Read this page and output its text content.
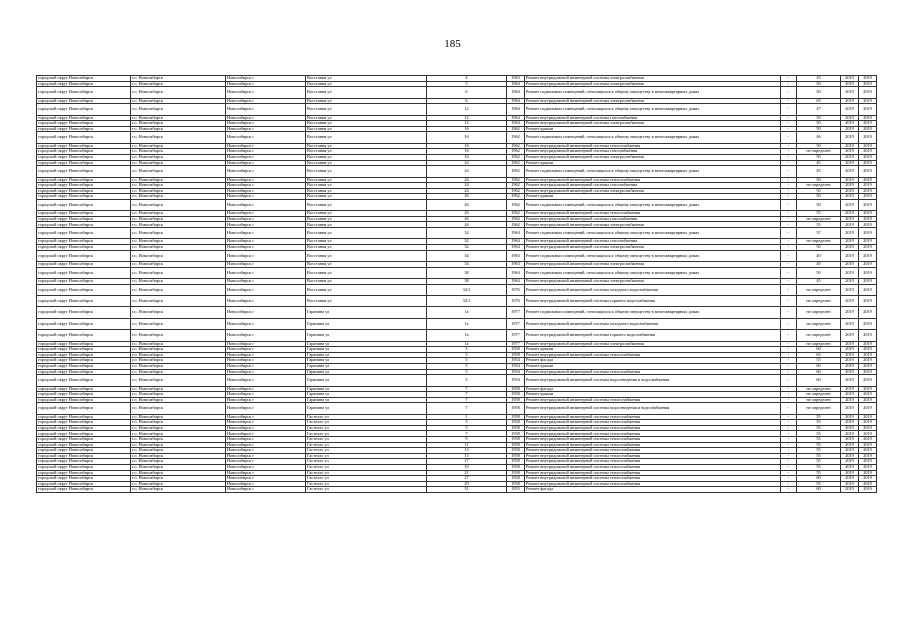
185
городской округ Новосибирск	г.о. Новосибирск	Новосибирск г	Восстания ул	4	1963	Ремонт внутридомовой инженерной системы электроснабжения	-	45	2019	2019
городской округ Новосибирск	г.о. Новосибирск	Новосибирск г	Восстания ул	5	1964	Ремонт внутридомовой инженерной системы электроснабжения	-	50	2019	2019
городской округ Новосибирск	г.о. Новосибирск	Новосибирск г	Восстания ул	6	1964	Ремонт подвальных помещений, относящихся к общему имуществу в многоквартирных домах	-	50	2019	2019
городской округ Новосибирск	г.о. Новосибирск	Новосибирск г	Восстания ул	6	1964	Ремонт внутридомовой инженерной системы электроснабжения	-	65	2019	2019
городской округ Новосибирск	г.о. Новосибирск	Новосибирск г	Восстания ул	12	1964	Ремонт подвальных помещений, относящихся к общему имуществу в многоквартирных домах	-	47	2019	2019
городской округ Новосибирск	г.о. Новосибирск	Новосибирск г	Восстания ул	12	1964	Ремонт внутридомовой инженерной системы газоснабжения	-	50	2019	2019
городской округ Новосибирск	г.о. Новосибирск	Новосибирск г	Восстания ул	12	1964	Ремонт внутридомовой инженерной системы электроснабжения	-	50	2019	2019
городской округ Новосибирск	г.о. Новосибирск	Новосибирск г	Восстания ул	16	1962	Ремонт крыши	-	50	2019	2019
городской округ Новосибирск	г.о. Новосибирск	Новосибирск г	Восстания ул	16	1962	Ремонт подвальных помещений, относящихся к общему имуществу в многоквартирных домах	-	46	2019	2019
городской округ Новосибирск	г.о. Новосибирск	Новосибирск г	Восстания ул	16	1962	Ремонт внутридомовой инженерной системы теплоснабжения	-	50	2019	2019
городской округ Новосибирск	г.о. Новосибирск	Новосибирск г	Восстания ул	16	1962	Ремонт внутридомовой инженерной системы газоснабжения	-	не определен	2019	2019
городской округ Новосибирск	г.о. Новосибирск	Новосибирск г	Восстания ул	16	1962	Ремонт внутридомовой инженерной системы электроснабжения	-	50	2019	2019
городской округ Новосибирск	г.о. Новосибирск	Новосибирск г	Восстания ул	24	1962	Ремонт крыши	-	45	2019	2019
городской округ Новосибирск	г.о. Новосибирск	Новосибирск г	Восстания ул	24	1962	Ремонт подвальных помещений, относящихся к общему имуществу в многоквартирных домах	-	45	2019	2019
городской округ Новосибирск	г.о. Новосибирск	Новосибирск г	Восстания ул	24	1962	Ремонт внутридомовой инженерной системы теплоснабжения	-	50	2019	2019
городской округ Новосибирск	г.о. Новосибирск	Новосибирск г	Восстания ул	24	1962	Ремонт внутридомовой инженерной системы газоснабжения	-	не определен	2019	2019
городской округ Новосибирск	г.о. Новосибирск	Новосибирск г	Восстания ул	24	1962	Ремонт внутридомовой инженерной системы электроснабжения	-	50	2019	2019
городской округ Новосибирск	г.о. Новосибирск	Новосибирск г	Восстания ул	26	1962	Ремонт крыши	-	50	2019	2019
городской округ Новосибирск	г.о. Новосибирск	Новосибирск г	Восстания ул	26	1962	Ремонт подвальных помещений, относящихся к общему имуществу в многоквартирных домах	-	50	2019	2019
городской округ Новосибирск	г.о. Новосибирск	Новосибирск г	Восстания ул	26	1962	Ремонт внутридомовой инженерной системы теплоснабжения	-	55	2019	2019
городской округ Новосибирск	г.о. Новосибирск	Новосибирск г	Восстания ул	26	1962	Ремонт внутридомовой инженерной системы газоснабжения	-	не определен	2019	2019
городской округ Новосибирск	г.о. Новосибирск	Новосибирск г	Восстания ул	26	1962	Ремонт внутридомовой инженерной системы электроснабжения	-	55	2019	2019
городской округ Новосибирск	г.о. Новосибирск	Новосибирск г	Восстания ул	32	1964	Ремонт подвальных помещений, относящихся к общему имуществу в многоквартирных домах	-	37	2019	2019
городской округ Новосибирск	г.о. Новосибирск	Новосибирск г	Восстания ул	32	1964	Ремонт внутридомовой инженерной системы газоснабжения	-	не определен	2019	2019
городской округ Новосибирск	г.о. Новосибирск	Новосибирск г	Восстания ул	32	1964	Ремонт внутридомовой инженерной системы электроснабжения	-	50	2019	2019
городской округ Новосибирск	г.о. Новосибирск	Новосибирск г	Восстания ул	34	1963	Ремонт подвальных помещений, относящихся к общему имуществу в многоквартирных домах	-	40	2019	2019
городской округ Новосибирск	г.о. Новосибирск	Новосибирск г	Восстания ул	34	1963	Ремонт внутридомовой инженерной системы электроснабжения	-	40	2019	2019
городской округ Новосибирск	г.о. Новосибирск	Новосибирск г	Восстания ул	38	1964	Ремонт подвальных помещений, относящихся к общему имуществу в многоквартирных домах	-	50	2019	2019
городской округ Новосибирск	г.о. Новосибирск	Новосибирск г	Восстания ул	38	1964	Ремонт внутридомовой инженерной системы электроснабжения	-	45	2019	2019
городской округ Новосибирск	г.о. Новосибирск	Новосибирск г	Восстания ул	32/1	1976	Ремонт внутридомовой инженерной системы холодного водоснабжения	-	не определен	2019	2019
городской округ Новосибирск	г.о. Новосибирск	Новосибирск г	Восстания ул	32/1	1976	Ремонт внутридомовой инженерной системы горячего водоснабжения	-	не определен	2019	2019
городской округ Новосибирск	г.о. Новосибирск	Новосибирск г	Гаранина ул	1а	1977	Ремонт подвальных помещений, относящихся к общему имуществу в многоквартирных домах	-	не определен	2019	2019
городской округ Новосибирск	г.о. Новосибирск	Новосибирск г	Гаранина ул	1а	1977	Ремонт внутридомовой инженерной системы холодного водоснабжения	-	не определен	2019	2019
городской округ Новосибирск	г.о. Новосибирск	Новосибирск г	Гаранина ул	1а	1977	Ремонт внутридомовой инженерной системы горячего водоснабжения	-	не определен	2019	2019
городской округ Новосибирск	г.о. Новосибирск	Новосибирск г	Гаранина ул	1а	1977	Ремонт внутридомовой инженерной системы электроснабжения	-	не определен	2019	2019
городской округ Новосибирск	г.о. Новосибирск	Новосибирск г	Гаранина ул	3	1958	Ремонт крыши	-	60	2019	2019
городской округ Новосибирск	г.о. Новосибирск	Новосибирск г	Гаранина ул	3	1958	Ремонт внутридомовой инженерной системы теплоснабжения	-	65	2019	2019
городской округ Новосибирск	г.о. Новосибирск	Новосибирск г	Гаранина ул	5	1954	Ремонт фасада	-	55	2019	2019
городской округ Новосибирск	г.о. Новосибирск	Новосибирск г	Гаранина ул	5	1954	Ремонт крыши	-	60	2019	2019
городской округ Новосибирск	г.о. Новосибирск	Новосибирск г	Гаранина ул	5	1954	Ремонт внутридомовой инженерной системы теплоснабжения	-	60	2019	2019
городской округ Новосибирск	г.о. Новосибирск	Новосибирск г	Гаранина ул	5	1954	Ремонт внутридомовой инженерной системы водоотведения и водоснабжения	-	60	2019	2019
городской округ Новосибирск	г.о. Новосибирск	Новосибирск г	Гаранина ул	7	1958	Ремонт фасада	-	не определен	2019	2019
городской округ Новосибирск	г.о. Новосибирск	Новосибирск г	Гаранина ул	7	1958	Ремонт крыши	-	не определен	2019	2019
городской округ Новосибирск	г.о. Новосибирск	Новосибирск г	Гаранина ул	7	1958	Ремонт внутридомовой инженерной системы теплоснабжения	-	не определен	2019	2019
городской округ Новосибирск	г.о. Новосибирск	Новосибирск г	Гаранина ул	7	1958	Ремонт внутридомовой инженерной системы водоотведения и водоснабжения	-	не определен	2019	2019
городской округ Новосибирск	г.о. Новосибирск	Новосибирск г	Гастелло ул	1	1958	Ремонт внутридомовой инженерной системы теплоснабжения	-	55	2019	2019
городской округ Новосибирск	г.о. Новосибирск	Новосибирск г	Гастелло ул	3	1958	Ремонт внутридомовой инженерной системы теплоснабжения	-	55	2019	2019
городской округ Новосибирск	г.о. Новосибирск	Новосибирск г	Гастелло ул	5	1958	Ремонт внутридомовой инженерной системы теплоснабжения	-	55	2019	2019
городской округ Новосибирск	г.о. Новосибирск	Новосибирск г	Гастелло ул	7	1958	Ремонт внутридомовой инженерной системы теплоснабжения	-	55	2019	2019
городской округ Новосибирск	г.о. Новосибирск	Новосибирск г	Гастелло ул	9	1958	Ремонт внутридомовой инженерной системы теплоснабжения	-	55	2019	2019
городской округ Новосибирск	г.о. Новосибирск	Новосибирск г	Гастелло ул	11	1958	Ремонт внутридомовой инженерной системы теплоснабжения	-	55	2019	2019
городской округ Новосибирск	г.о. Новосибирск	Новосибирск г	Гастелло ул	13	1958	Ремонт внутридомовой инженерной системы теплоснабжения	-	55	2019	2019
городской округ Новосибирск	г.о. Новосибирск	Новосибирск г	Гастелло ул	15	1958	Ремонт внутридомовой инженерной системы теплоснабжения	-	55	2019	2019
городской округ Новосибирск	г.о. Новосибирск	Новосибирск г	Гастелло ул	17	1958	Ремонт внутридомовой инженерной системы теплоснабжения	-	55	2019	2019
городской округ Новосибирск	г.о. Новосибирск	Новосибирск г	Гастелло ул	19	1958	Ремонт внутридомовой инженерной системы теплоснабжения	-	55	2019	2019
городской округ Новосибирск	г.о. Новосибирск	Новосибирск г	Гастелло ул	21	1958	Ремонт внутридомовой инженерной системы теплоснабжения	-	55	2019	2019
городской округ Новосибирск	г.о. Новосибирск	Новосибирск г	Гастелло ул	27	1958	Ремонт внутридомовой инженерной системы теплоснабжения	-	60	2019	2019
городской округ Новосибирск	г.о. Новосибирск	Новосибирск г	Гастелло ул	29	1958	Ремонт внутридомовой инженерной системы теплоснабжения	-	55	2019	2019
городской округ Новосибирск	г.о. Новосибирск	Новосибирск г	Гастелло ул	31	1955	Ремонт фасада	-	60	2019	2019
